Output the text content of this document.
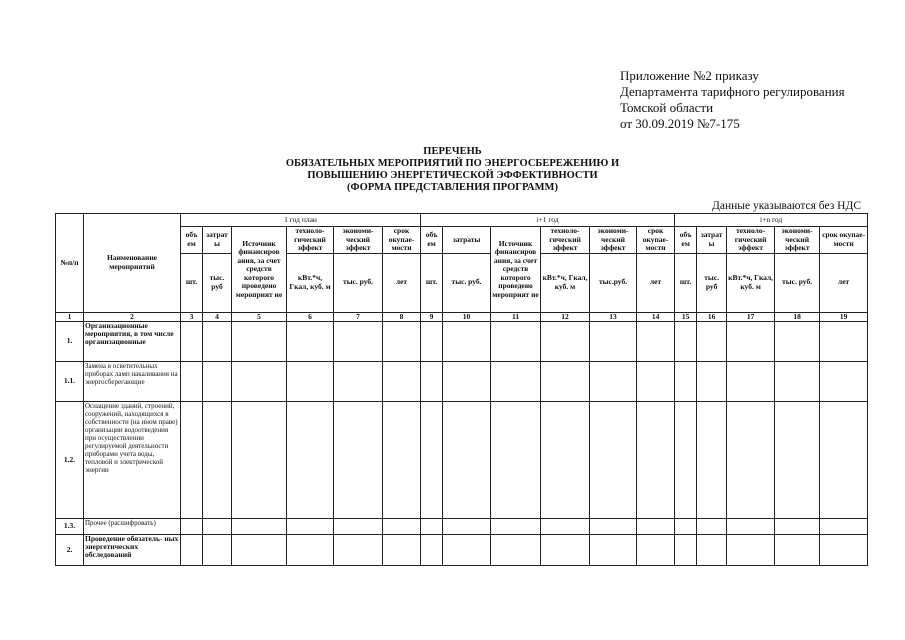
Приложение №2 приказу
Департамента тарифного регулирования
Томской области
от 30.09.2019 №7-175
ПЕРЕЧЕНЬ
ОБЯЗАТЕЛЬНЫХ МЕРОПРИЯТИЙ ПО ЭНЕРГОСБЕРЕЖЕНИЮ И
ПОВЫШЕНИЮ ЭНЕРГЕТИЧЕСКОЙ ЭФФЕКТИВНОСТИ
(ФОРМА ПРЕДСТАВЛЕНИЯ ПРОГРАММ)
Данные указываются без НДС
№п/п	Наименование мероприятий	1 год план						i+1 год						i+n год				
		объ ем	затрат ы	Источник финансиров ания, за счет средств которого проведено мероприят ие	техноло- гический эффект	экономи- ческий эффект	срок окупае- мости	объ ем	затраты	Источник финансиров ания, за счет средств которого проведено мероприят ие	техноло- гический эффект	экономи- ческий эффект	срок окупае- мости	объ ем	затрат ы	техноло- гический эффект	экономи- ческий эффект	срок окупае- мости
		шт.	тыс. руб		кВт.*ч, Гкал, куб. м	тыс. руб.	лет	шт.	тыс. руб.		кВт.*ч, Гкал, куб. м	тыс.руб.	лет	шт.	тыс. руб	кВт.*ч, Гкал, куб. м	тыс. руб.	лет
1	2	3	4	5	6	7	8	9	10	11	12	13	14	15	16	17	18	19
1.	Организационные мероприятия, в том числе организационные																	
1.1.	Замена в осветительных приборах ламп накаливания на энергосберегающие																	
1.2.	Оснащение зданий, строений, сооружений, находящихся в собственности (на ином праве) организации водоотведения при осуществлении регулируемой деятельности приборами учета воды, тепловой и электрической энергии																	
1.3.	Прочее (расшифровать)																	
2.	Проведение обязатель- ных энергетических обследований																	
